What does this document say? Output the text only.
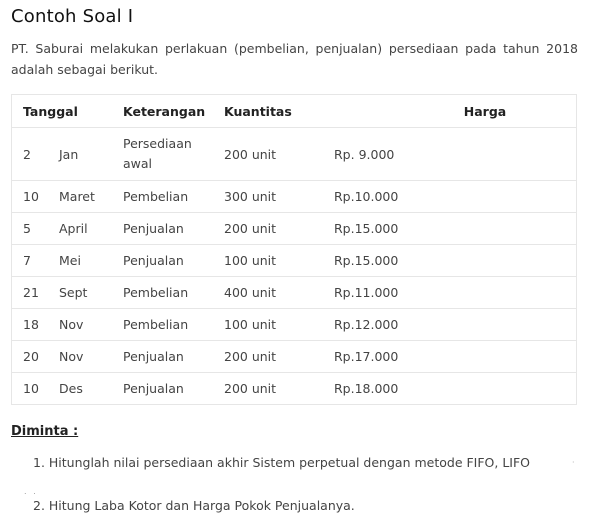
Contoh Soal I
PT. Saburai melakukan perlakuan (pembelian, penjualan) persediaan pada tahun 2018 adalah sebagai berikut.
Tanggal		Keterangan	Kuantitas	Harga
2	Jan	Persediaan awal	200 unit	Rp. 9.000
10	Maret	Pembelian	300 unit	Rp.10.000
5	April	Penjualan	200 unit	Rp.15.000
7	Mei	Penjualan	100 unit	Rp.15.000
21	Sept	Pembelian	400 unit	Rp.11.000
18	Nov	Pembelian	100 unit	Rp.12.000
20	Nov	Penjualan	200 unit	Rp.17.000
10	Des	Penjualan	200 unit	Rp.18.000
Diminta :
1. Hitunglah nilai persediaan akhir Sistem perpetual dengan metode FIFO, LIFO
2. Hitung Laba Kotor dan Harga Pokok Penjualanya.
. .
·
